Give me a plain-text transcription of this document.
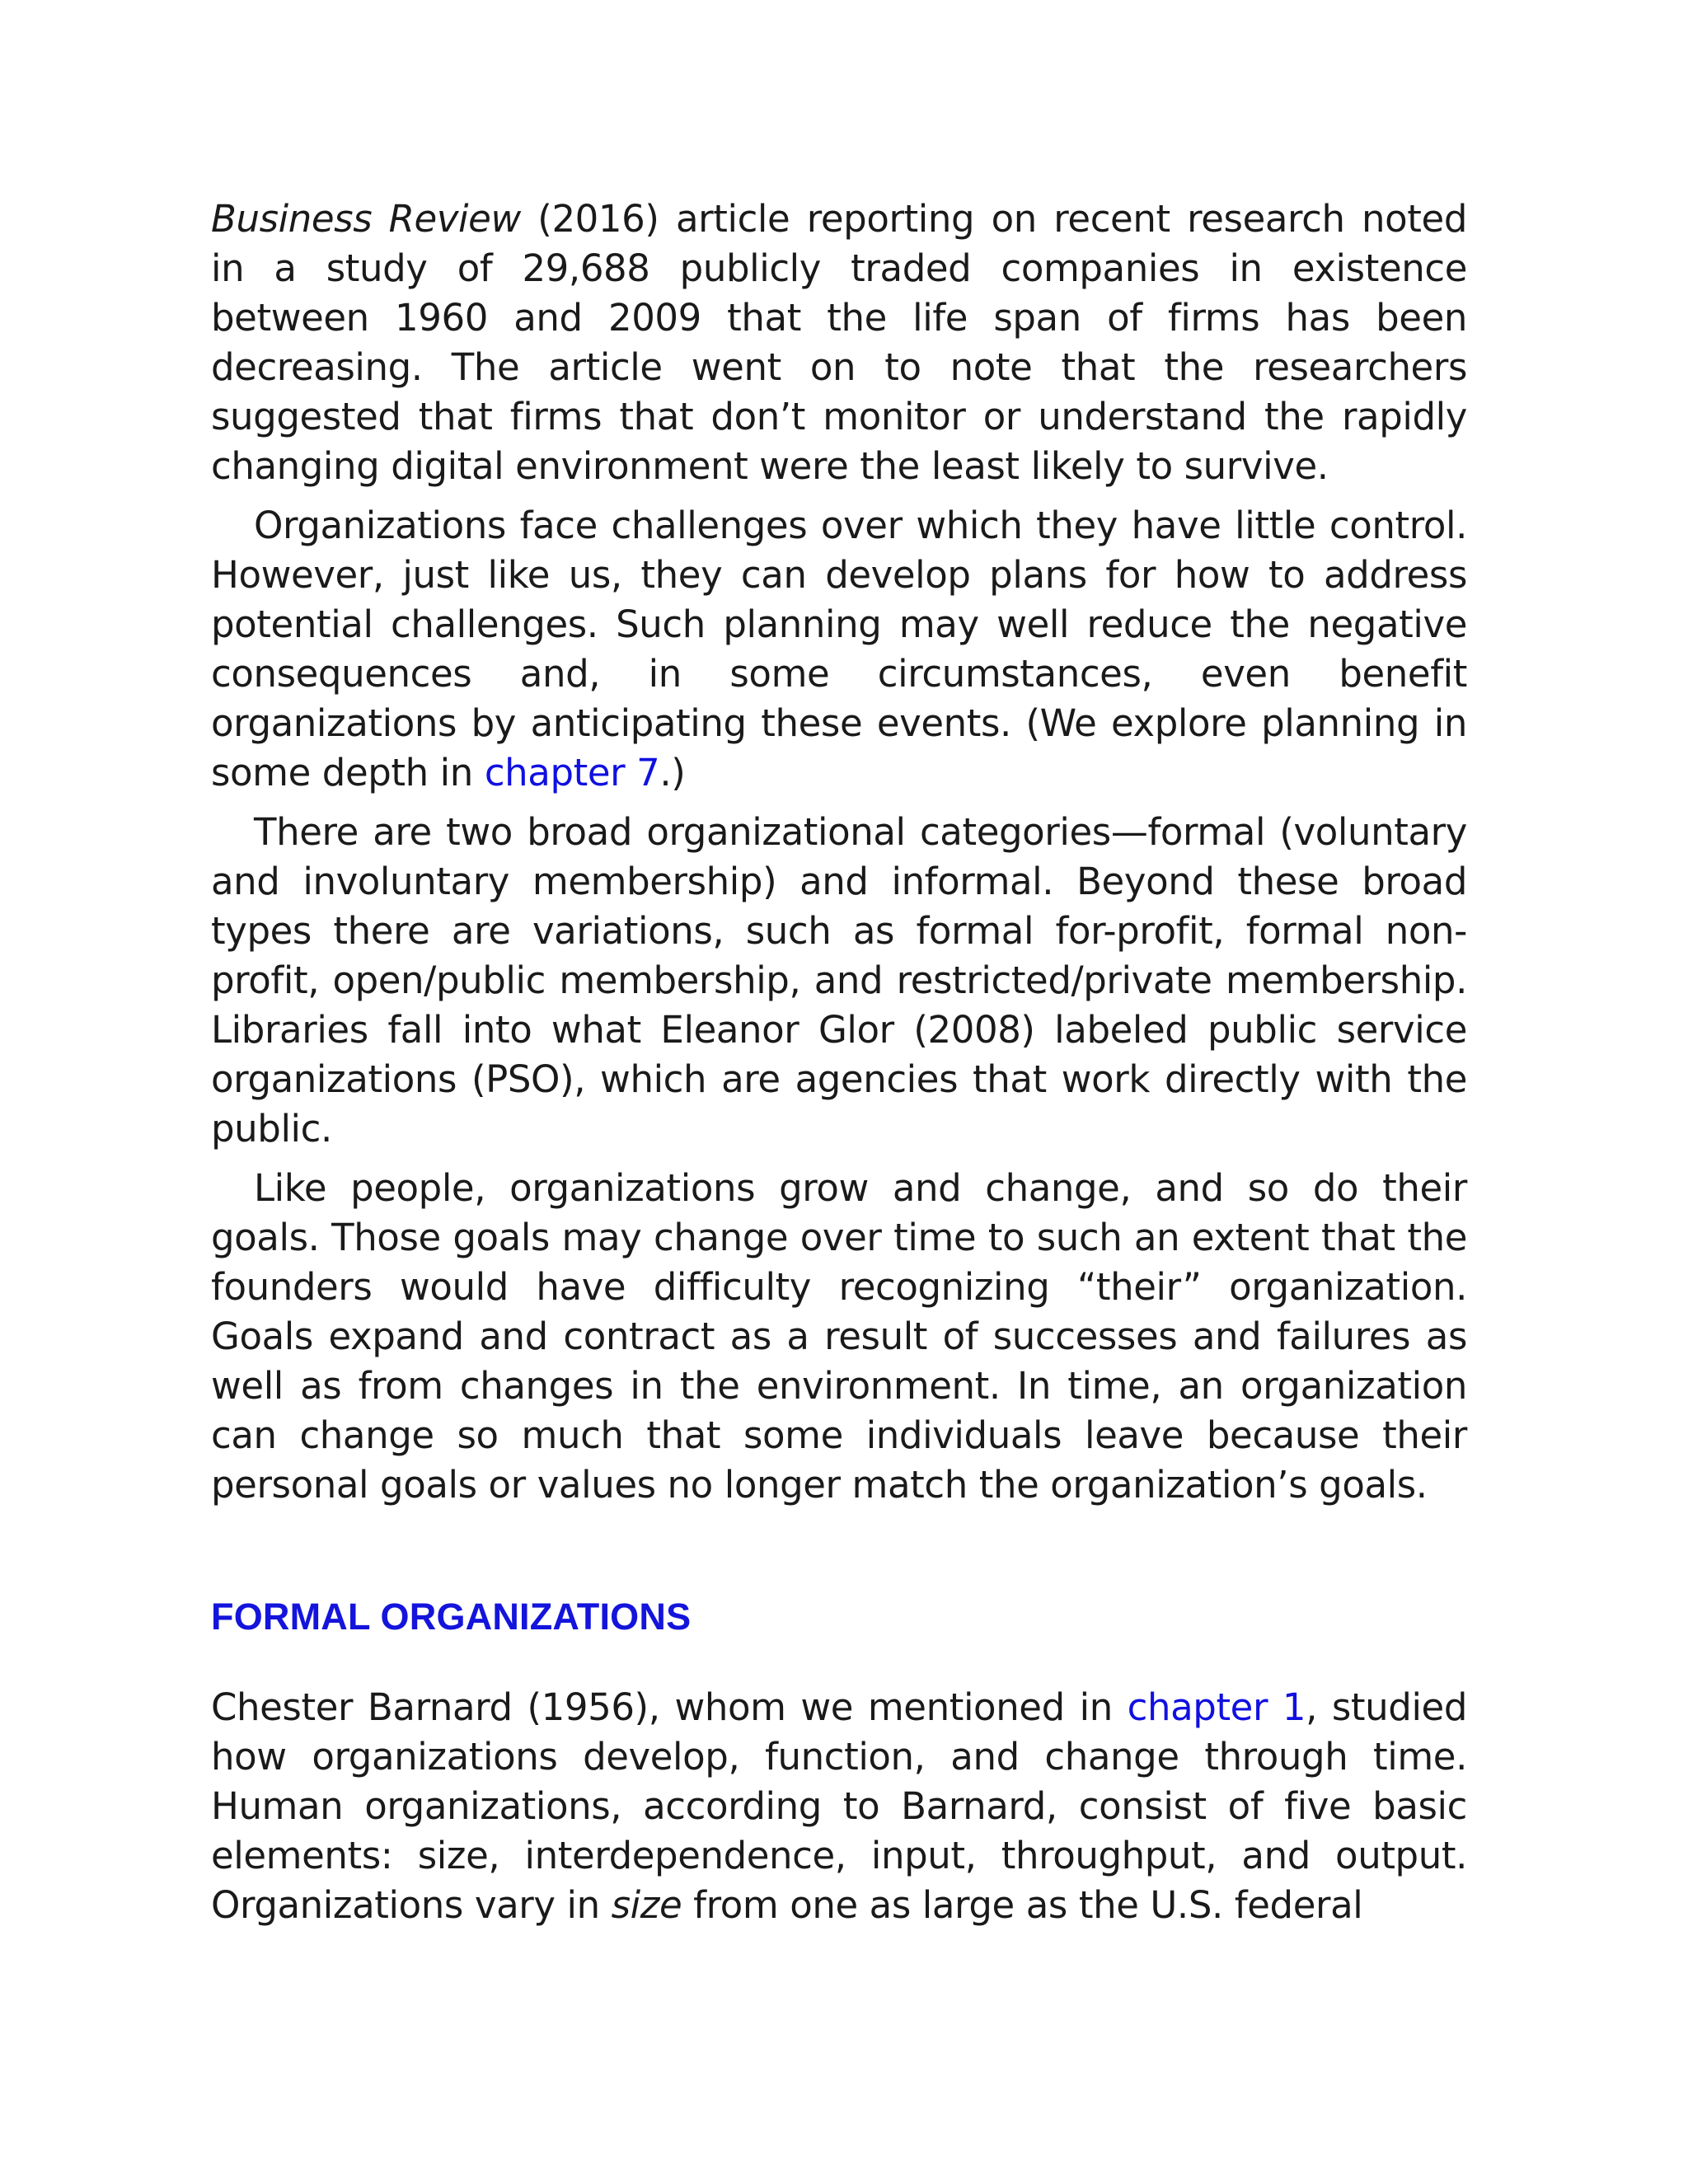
Business Review (2016) article reporting on recent research noted in a study of 29,688 publicly traded companies in existence between 1960 and 2009 that the life span of firms has been decreasing. The article went on to note that the researchers suggested that firms that don’t monitor or understand the rapidly changing digital environment were the least likely to survive.

Organizations face challenges over which they have little control. However, just like us, they can develop plans for how to address potential challenges. Such planning may well reduce the negative consequences and, in some circumstances, even benefit organizations by anticipating these events. (We explore planning in some depth in chapter 7.)

There are two broad organizational categories—formal (voluntary and involuntary membership) and informal. Beyond these broad types there are variations, such as formal for-profit, formal non-profit, open/public membership, and restricted/private membership. Libraries fall into what Eleanor Glor (2008) labeled public service organizations (PSO), which are agencies that work directly with the public.

Like people, organizations grow and change, and so do their goals. Those goals may change over time to such an extent that the founders would have difficulty recognizing “their” organization. Goals expand and contract as a result of successes and failures as well as from changes in the environment. In time, an organization can change so much that some individuals leave because their personal goals or values no longer match the organization’s goals.

FORMAL ORGANIZATIONS

Chester Barnard (1956), whom we mentioned in chapter 1, studied how organizations develop, function, and change through time. Human organizations, according to Barnard, consist of five basic elements: size, interdependence, input, throughput, and output. Organizations vary in size from one as large as the U.S. federal
